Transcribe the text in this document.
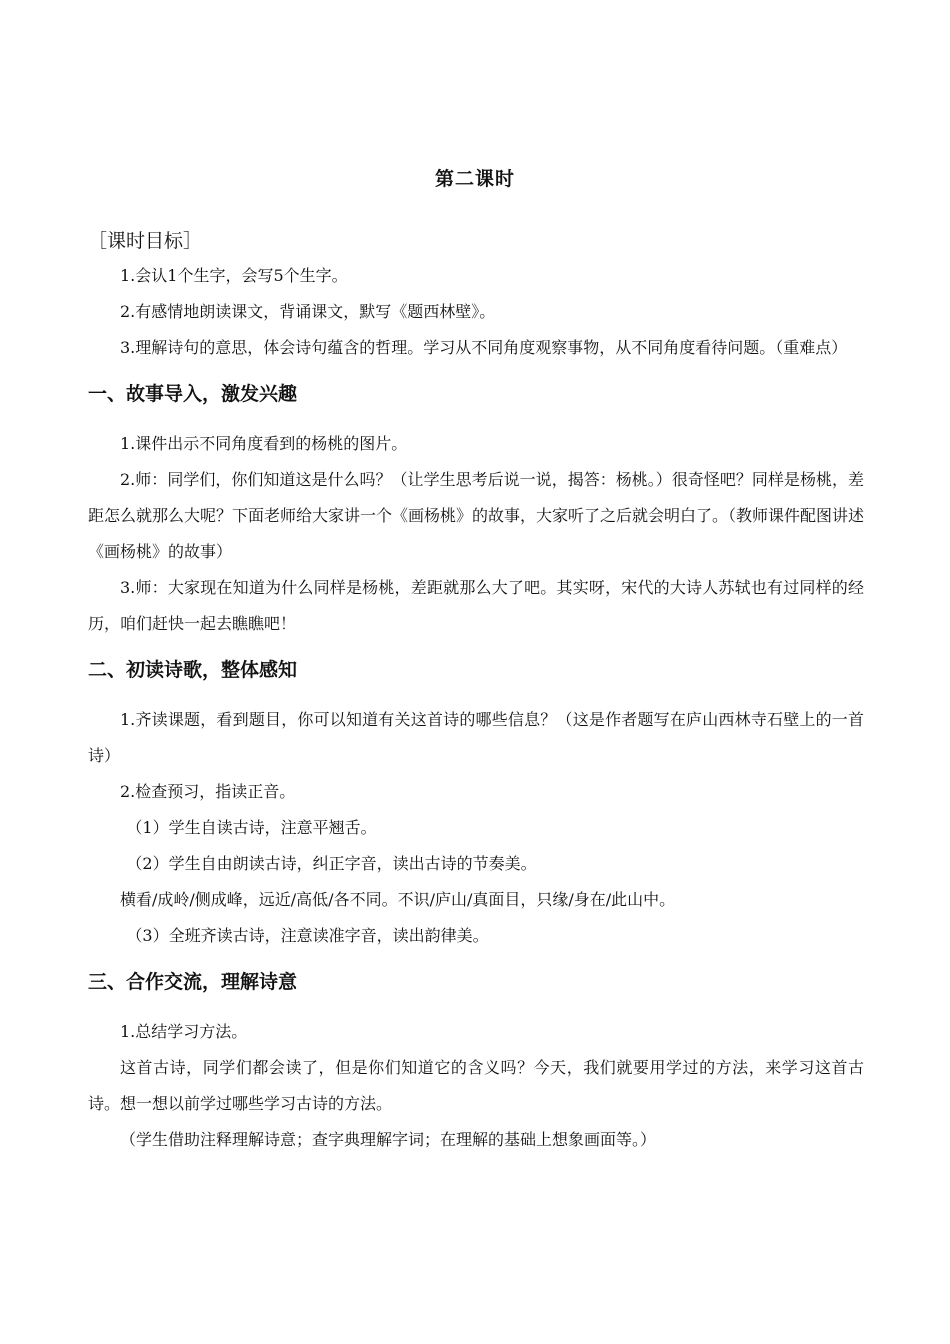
第二课时

［课时目标］

1.会认1个生字，会写5个生字。

2.有感情地朗读课文，背诵课文，默写《题西林壁》。

3.理解诗句的意思，体会诗句蕴含的哲理。学习从不同角度观察事物，从不同角度看待问题。（重难点）

一、故事导入，激发兴趣

1.课件出示不同角度看到的杨桃的图片。

2.师：同学们，你们知道这是什么吗？（让学生思考后说一说，揭答：杨桃。）很奇怪吧？同样是杨桃，差距怎么就那么大呢？下面老师给大家讲一个《画杨桃》的故事，大家听了之后就会明白了。（教师课件配图讲述《画杨桃》的故事）

3.师：大家现在知道为什么同样是杨桃，差距就那么大了吧。其实呀，宋代的大诗人苏轼也有过同样的经历，咱们赶快一起去瞧瞧吧！

二、初读诗歌，整体感知

1.齐读课题，看到题目，你可以知道有关这首诗的哪些信息？（这是作者题写在庐山西林寺石壁上的一首诗）

2.检查预习，指读正音。

（1）学生自读古诗，注意平翘舌。

（2）学生自由朗读古诗，纠正字音，读出古诗的节奏美。

横看/成岭/侧成峰，远近/高低/各不同。不识/庐山/真面目，只缘/身在/此山中。

（3）全班齐读古诗，注意读准字音，读出韵律美。

三、合作交流，理解诗意

1.总结学习方法。

这首古诗，同学们都会读了，但是你们知道它的含义吗？今天，我们就要用学过的方法，来学习这首古诗。想一想以前学过哪些学习古诗的方法。

（学生借助注释理解诗意；查字典理解字词；在理解的基础上想象画面等。）
